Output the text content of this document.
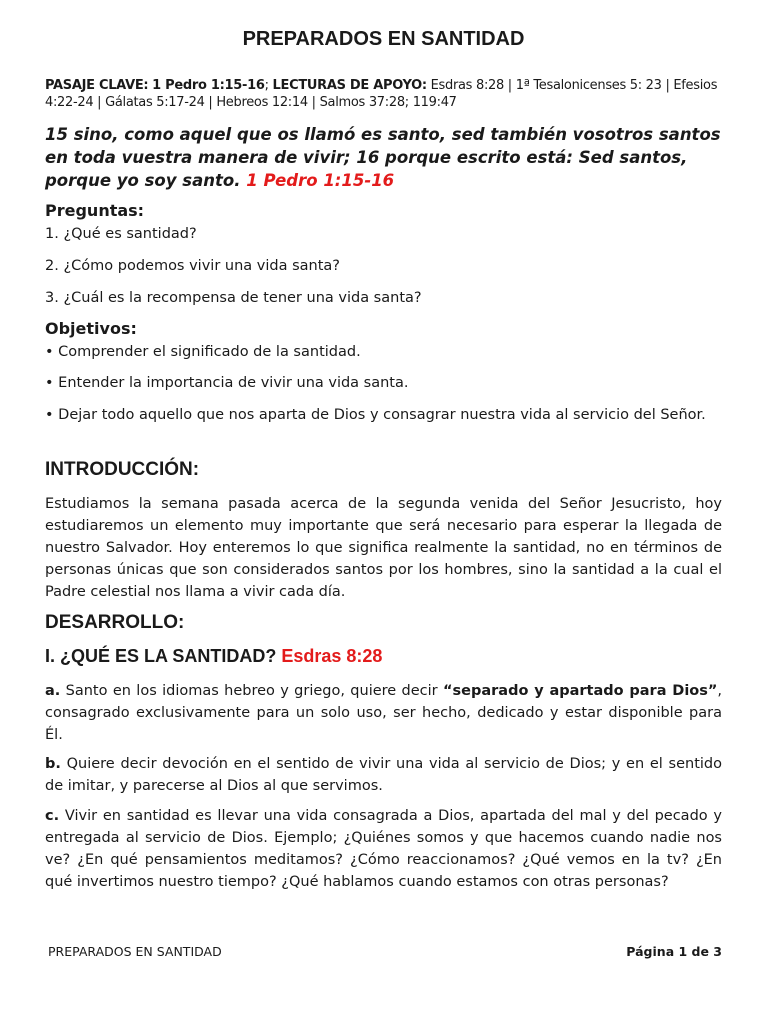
PREPARADOS EN SANTIDAD
PASAJE CLAVE: 1 Pedro 1:15-16; LECTURAS DE APOYO: Esdras 8:28 | 1ª Tesalonicenses 5: 23 | Efesios 4:22-24 | Gálatas 5:17-24 | Hebreos 12:14 | Salmos 37:28; 119:47
15 sino, como aquel que os llamó es santo, sed también vosotros santos en toda vuestra manera de vivir; 16 porque escrito está: Sed santos, porque yo soy santo. 1 Pedro 1:15-16
Preguntas:
1. ¿Qué es santidad?
2. ¿Cómo podemos vivir una vida santa?
3. ¿Cuál es la recompensa de tener una vida santa?
Objetivos:
• Comprender el significado de la santidad.
• Entender la importancia de vivir una vida santa.
• Dejar todo aquello que nos aparta de Dios y consagrar nuestra vida al servicio del Señor.
INTRODUCCIÓN:
Estudiamos la semana pasada acerca de la segunda venida del Señor Jesucristo, hoy estudiaremos un elemento muy importante que será necesario para esperar la llegada de nuestro Salvador. Hoy enteremos lo que significa realmente la santidad, no en términos de personas únicas que son considerados santos por los hombres, sino la santidad a la cual el Padre celestial nos llama a vivir cada día.
DESARROLLO:
I. ¿QUÉ ES LA SANTIDAD? Esdras 8:28
a. Santo en los idiomas hebreo y griego, quiere decir “separado y apartado para Dios”, consagrado exclusivamente para un solo uso, ser hecho, dedicado y estar disponible para Él.
b. Quiere decir devoción en el sentido de vivir una vida al servicio de Dios; y en el sentido de imitar, y parecerse al Dios al que servimos.
c. Vivir en santidad es llevar una vida consagrada a Dios, apartada del mal y del pecado y entregada al servicio de Dios. Ejemplo; ¿Quiénes somos y que hacemos cuando nadie nos ve? ¿En qué pensamientos meditamos? ¿Cómo reaccionamos? ¿Qué vemos en la tv? ¿En qué invertimos nuestro tiempo? ¿Qué hablamos cuando estamos con otras personas?
PREPARADOS EN SANTIDAD	Página 1 de 3
